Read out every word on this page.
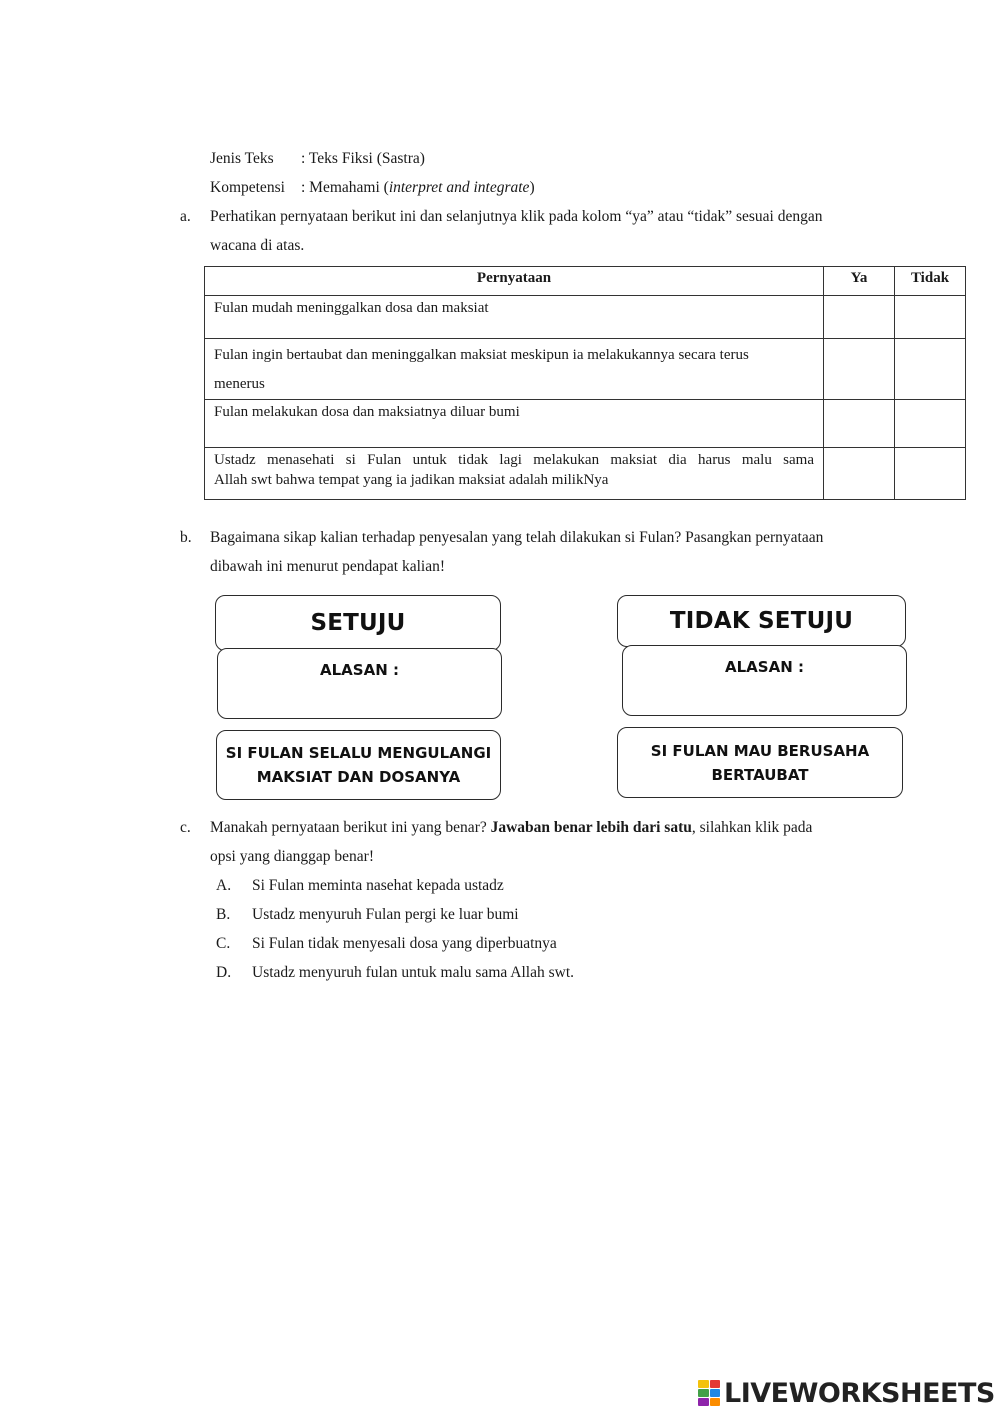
Jenis Teks : Teks Fiksi (Sastra)
Kompetensi : Memahami (interpret and integrate)
a. Perhatikan pernyataan berikut ini dan selanjutnya klik pada kolom “ya” atau “tidak” sesuai dengan
wacana di atas.
Pernyataan	Ya	Tidak
Fulan mudah meninggalkan dosa dan maksiat		

Fulan ingin bertaubat dan meninggalkan maksiat meskipun ia melakukannya secara terus
menerus		

Fulan melakukan dosa dan maksiatnya diluar bumi		

Ustadz menasehati si Fulan untuk tidak lagi melakukan maksiat dia harus malu sama
Allah swt bahwa tempat yang ia jadikan maksiat adalah milikNya		

b. Bagaimana sikap kalian terhadap penyesalan yang telah dilakukan si Fulan? Pasangkan pernyataan
dibawah ini menurut pendapat kalian!
SETUJU
ALASAN :
TIDAK SETUJU
ALASAN :
SI FULAN SELALU MENGULANGI
MAKSIAT DAN DOSANYA
SI FULAN MAU BERUSAHA
BERTAUBAT
c. Manakah pernyataan berikut ini yang benar? Jawaban benar lebih dari satu, silahkan klik pada
opsi yang dianggap benar!
A. Si Fulan meminta nasehat kepada ustadz
B. Ustadz menyuruh Fulan pergi ke luar bumi
C. Si Fulan tidak menyesali dosa yang diperbuatnya
D. Ustadz menyuruh fulan untuk malu sama Allah swt.
LIVEWORKSHEETS
